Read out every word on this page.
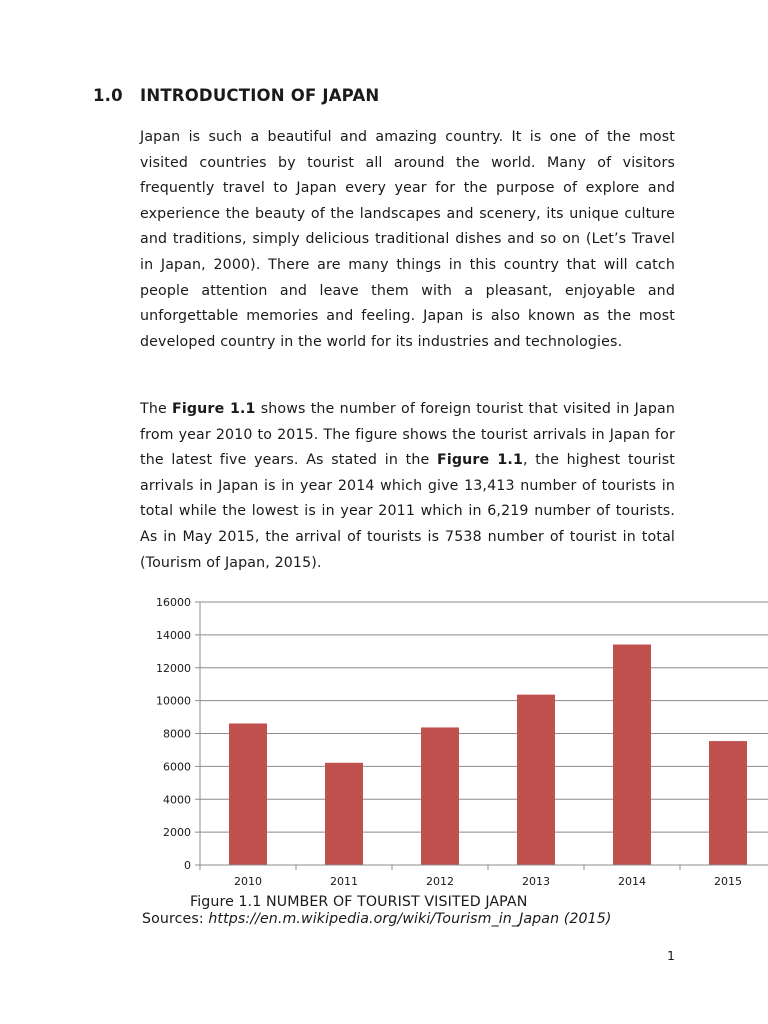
1.0 INTRODUCTION OF JAPAN

Japan is such a beautiful and amazing country. It is one of the most visited countries by tourist all around the world. Many of visitors frequently travel to Japan every year for the purpose of explore and experience the beauty of the landscapes and scenery, its unique culture and traditions, simply delicious traditional dishes and so on (Let’s Travel in Japan, 2000). There are many things in this country that will catch people attention and leave them with a pleasant, enjoyable and unforgettable memories and feeling. Japan is also known as the most developed country in the world for its industries and technologies.

The Figure 1.1 shows the number of foreign tourist that visited in Japan from year 2010 to 2015. The figure shows the tourist arrivals in Japan for the latest five years. As stated in the Figure 1.1, the highest tourist arrivals in Japan is in year 2014 which give 13,413 number of tourists in total while the lowest is in year 2011 which in 6,219 number of tourists. As in May 2015, the arrival of tourists is 7538 number of tourist in total (Tourism of Japan, 2015).

0
2000
4000
6000
8000
10000
12000
14000
16000
2010	2011	2012	2013	2014	2015

Figure 1.1 NUMBER OF TOURIST VISITED JAPAN

Sources: https://en.m.wikipedia.org/wiki/Tourism_in_Japan (2015)

1
